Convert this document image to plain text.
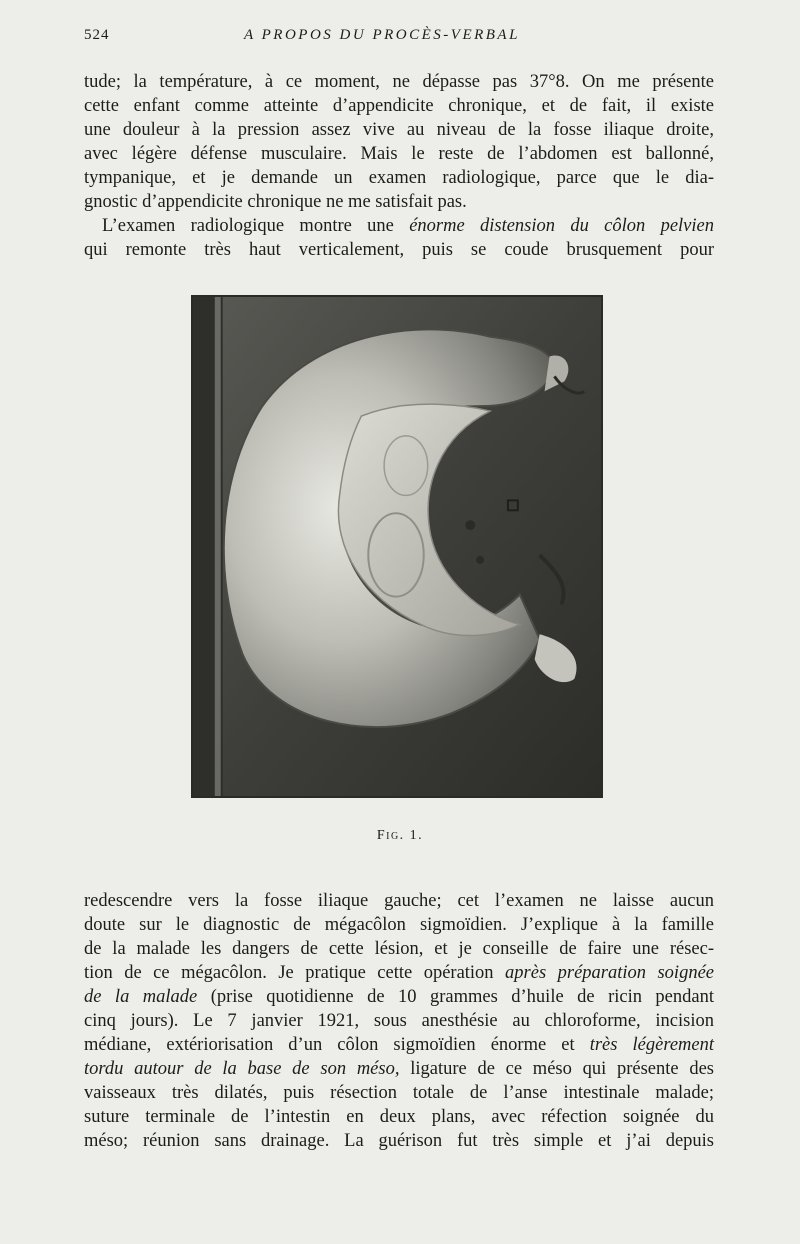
524	A PROPOS DU PROCÈS-VERBAL
tude; la température, à ce moment, ne dépasse pas 37°8. On me présente
cette enfant comme atteinte d’appendicite chronique, et de fait, il existe
une douleur à la pression assez vive au niveau de la fosse iliaque droite,
avec légère défense musculaire. Mais le reste de l’abdomen est ballonné,
tympanique, et je demande un examen radiologique, parce que le dia-
gnostic d’appendicite chronique ne me satisfait pas.
L’examen radiologique montre une énorme distension du côlon pelvien
qui remonte très haut verticalement, puis se coude brusquement pour
Fig. 1.
redescendre vers la fosse iliaque gauche; cet l’examen ne laisse aucun
doute sur le diagnostic de mégacôlon sigmoïdien. J’explique à la famille
de la malade les dangers de cette lésion, et je conseille de faire une résec-
tion de ce mégacôlon. Je pratique cette opération après préparation soignée
de la malade (prise quotidienne de 10 grammes d’huile de ricin pendant
cinq jours). Le 7 janvier 1921, sous anesthésie au chloroforme, incision
médiane, extériorisation d’un côlon sigmoïdien énorme et très légèrement
tordu autour de la base de son méso, ligature de ce méso qui présente des
vaisseaux très dilatés, puis résection totale de l’anse intestinale malade;
suture terminale de l’intestin en deux plans, avec réfection soignée du
méso; réunion sans drainage. La guérison fut très simple et j’ai depuis
